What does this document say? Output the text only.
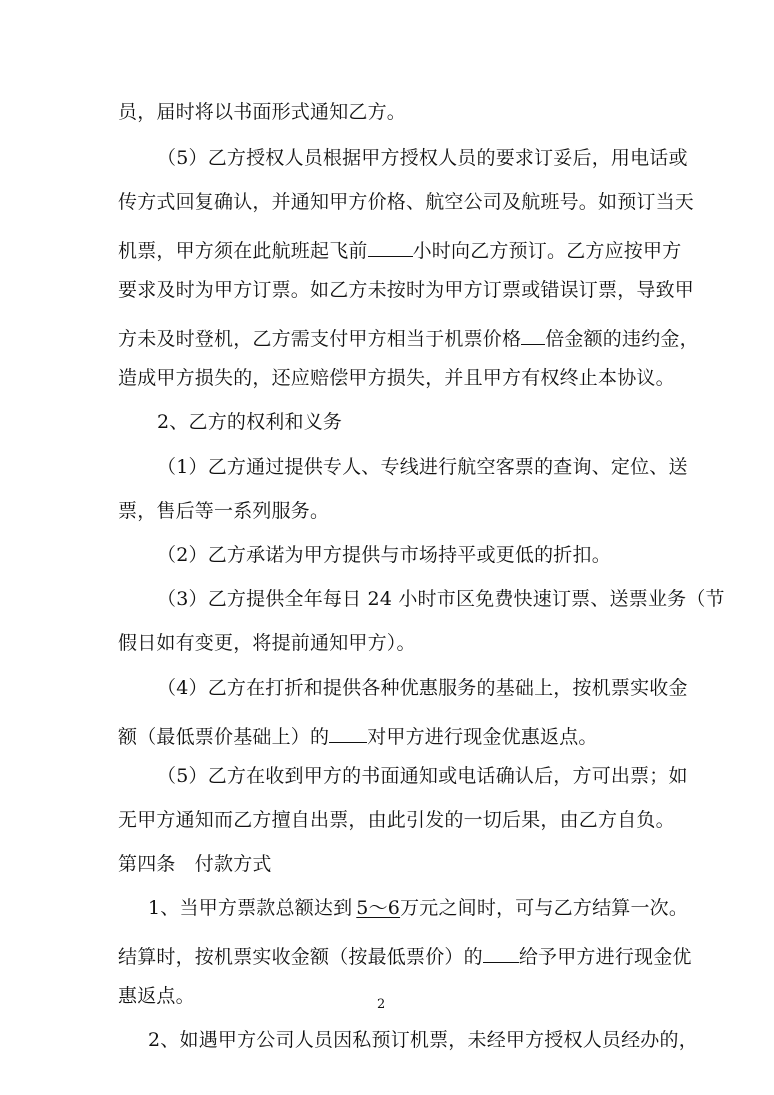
员，届时将以书面形式通知乙方。
（5）乙方授权人员根据甲方授权人员的要求订妥后，用电话或
传方式回复确认，并通知甲方价格、航空公司及航班号。如预订当天
机票，甲方须在此航班起飞前 小时向乙方预订。乙方应按甲方
要求及时为甲方订票。如乙方未按时为甲方订票或错误订票，导致甲
方未及时登机，乙方需支付甲方相当于机票价格 倍金额的违约金，
造成甲方损失的，还应赔偿甲方损失，并且甲方有权终止本协议。
2、乙方的权利和义务
（1）乙方通过提供专人、专线进行航空客票的查询、定位、送
票，售后等一系列服务。
（2）乙方承诺为甲方提供与市场持平或更低的折扣。
（3）乙方提供全年每日 24 小时市区免费快速订票、送票业务（节
假日如有变更，将提前通知甲方）。
（4）乙方在打折和提供各种优惠服务的基础上，按机票实收金
额（最低票价基础上）的 对甲方进行现金优惠返点。
（5）乙方在收到甲方的书面通知或电话确认后，方可出票；如
无甲方通知而乙方擅自出票，由此引发的一切后果，由乙方自负。
第四条　付款方式
1、当甲方票款总额达到 5～6万元之间时，可与乙方结算一次。
结算时，按机票实收金额（按最低票价）的 给予甲方进行现金优
惠返点。
2、如遇甲方公司人员因私预订机票，未经甲方授权人员经办的，
2
